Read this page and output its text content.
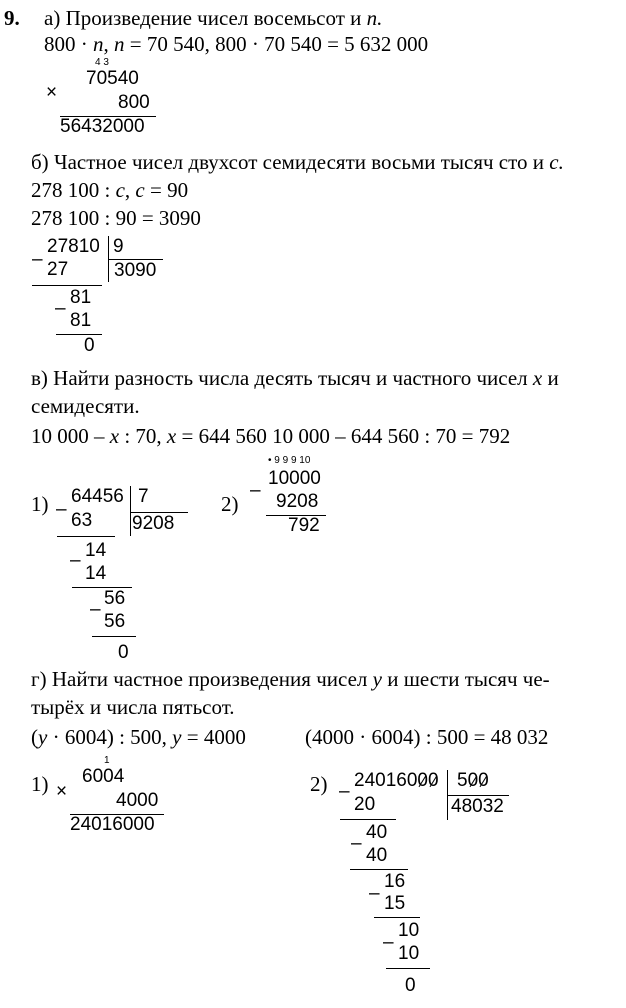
9. а) Произведение чисел восемьсот и n.
800 · n, n = 70 540, 800 · 70 540 = 5 632 000
4 3
×
70540
800
56432000
б) Частное чисел двухсот семидесяти восьми тысяч сто и c.
278 100 : c, c = 90
278 100 : 90 = 3090
–
27810 9
3090
27
–
81
81
0
в) Найти разность числа десять тысяч и частного чисел x и
семидесяти.
10 000 – x : 70, x = 644 560 10 000 – 644 560 : 70 = 792
1) –
64456 7
9208
63
– 14
14
–
56
56
0
2)
• 9 9 9 10
–
10000
9208
792
г) Найти частное произведения чисел y и шести тысяч че-
тырёх и числа пятьсот.
(y · 6004) : 500, y = 4000	(4000 · 6004) : 500 = 48 032
1)
1
×
6004
4000
24016000
2) –
24016000 500
48032
20
–
40
40
–
16
15
–
10
10
0
